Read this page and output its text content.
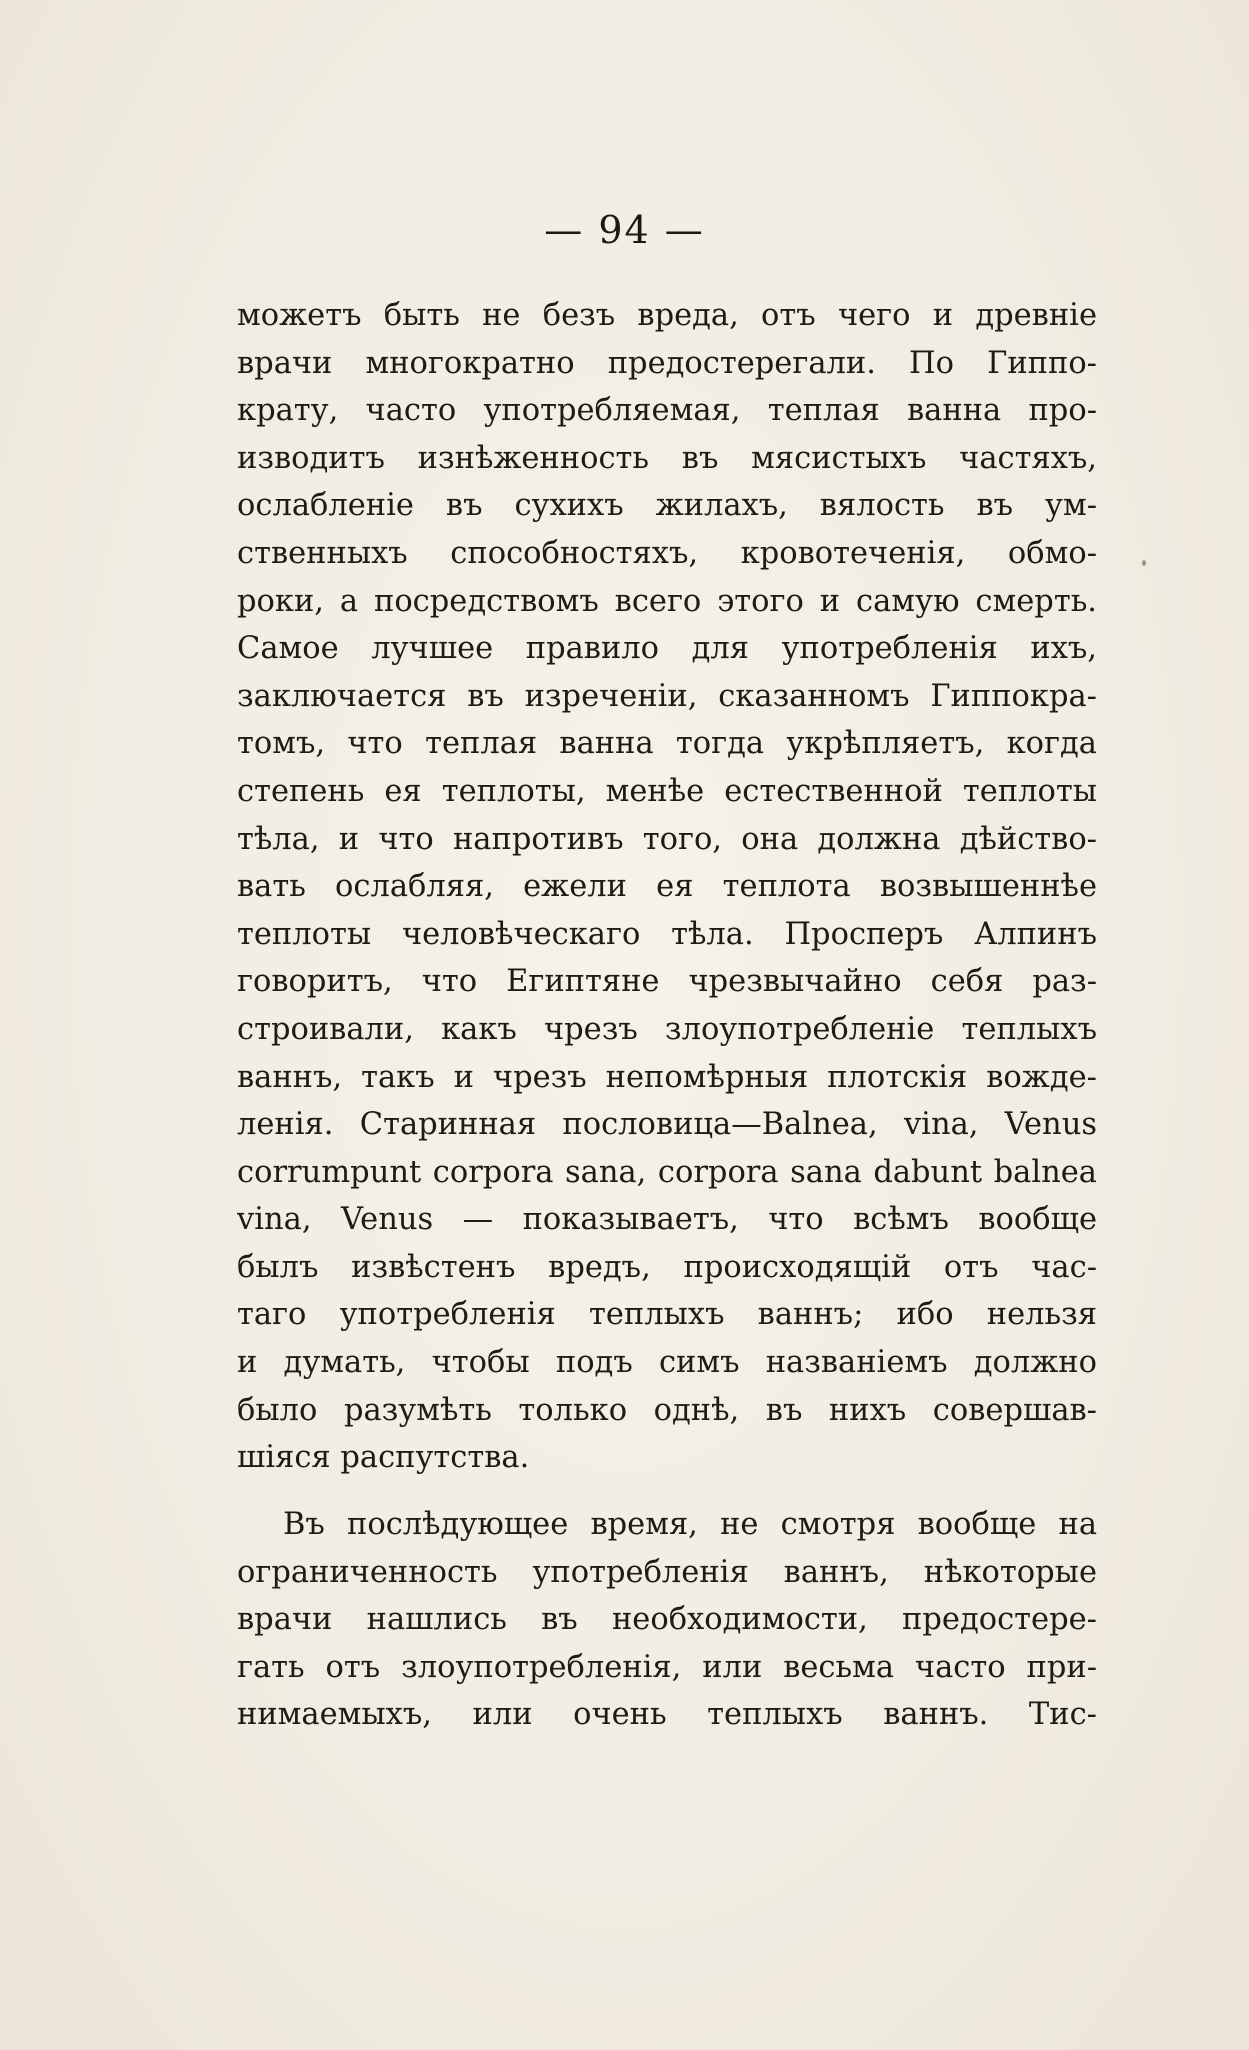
— 94 —
можетъ быть не безъ вреда, отъ чего и древніе
врачи многократно предостерегали. По Гиппо-
крату, часто употребляемая, теплая ванна про-
изводитъ изнѣженность въ мясистыхъ частяхъ,
ослабленіе въ сухихъ жилахъ, вялость въ ум-
ственныхъ способностяхъ, кровотеченія, обмо-
роки, а посредствомъ всего этого и самую смерть.
Самое лучшее правило для употребленія ихъ,
заключается въ изреченіи, сказанномъ Гиппокра-
томъ, что теплая ванна тогда укрѣпляетъ, когда
степень ея теплоты, менѣе естественной теплоты
тѣла, и что напротивъ того, она должна дѣйство-
вать ослабляя, ежели ея теплота возвышеннѣе
теплоты человѣческаго тѣла. Просперъ Алпинъ
говоритъ, что Египтяне чрезвычайно себя раз-
строивали, какъ чрезъ злоупотребленіе теплыхъ
ваннъ, такъ и чрезъ непомѣрныя плотскія вожде-
ленія. Старинная пословица—Balnea, vina, Venus
corrumpunt corpora sana, corpora sana dabunt balnea
vina, Venus — показываетъ, что всѣмъ вообще
былъ извѣстенъ вредъ, происходящій отъ час-
таго употребленія теплыхъ ваннъ; ибо нельзя
и думать, чтобы подъ симъ названіемъ должно
было разумѣть только однѣ, въ нихъ совершав-
шіяся распутства.
Въ послѣдующее время, не смотря вообще на
ограниченность употребленія ваннъ, нѣкоторые
врачи нашлись въ необходимости, предостере-
гать отъ злоупотребленія, или весьма часто при-
нимаемыхъ, или очень теплыхъ ваннъ. Тис-
